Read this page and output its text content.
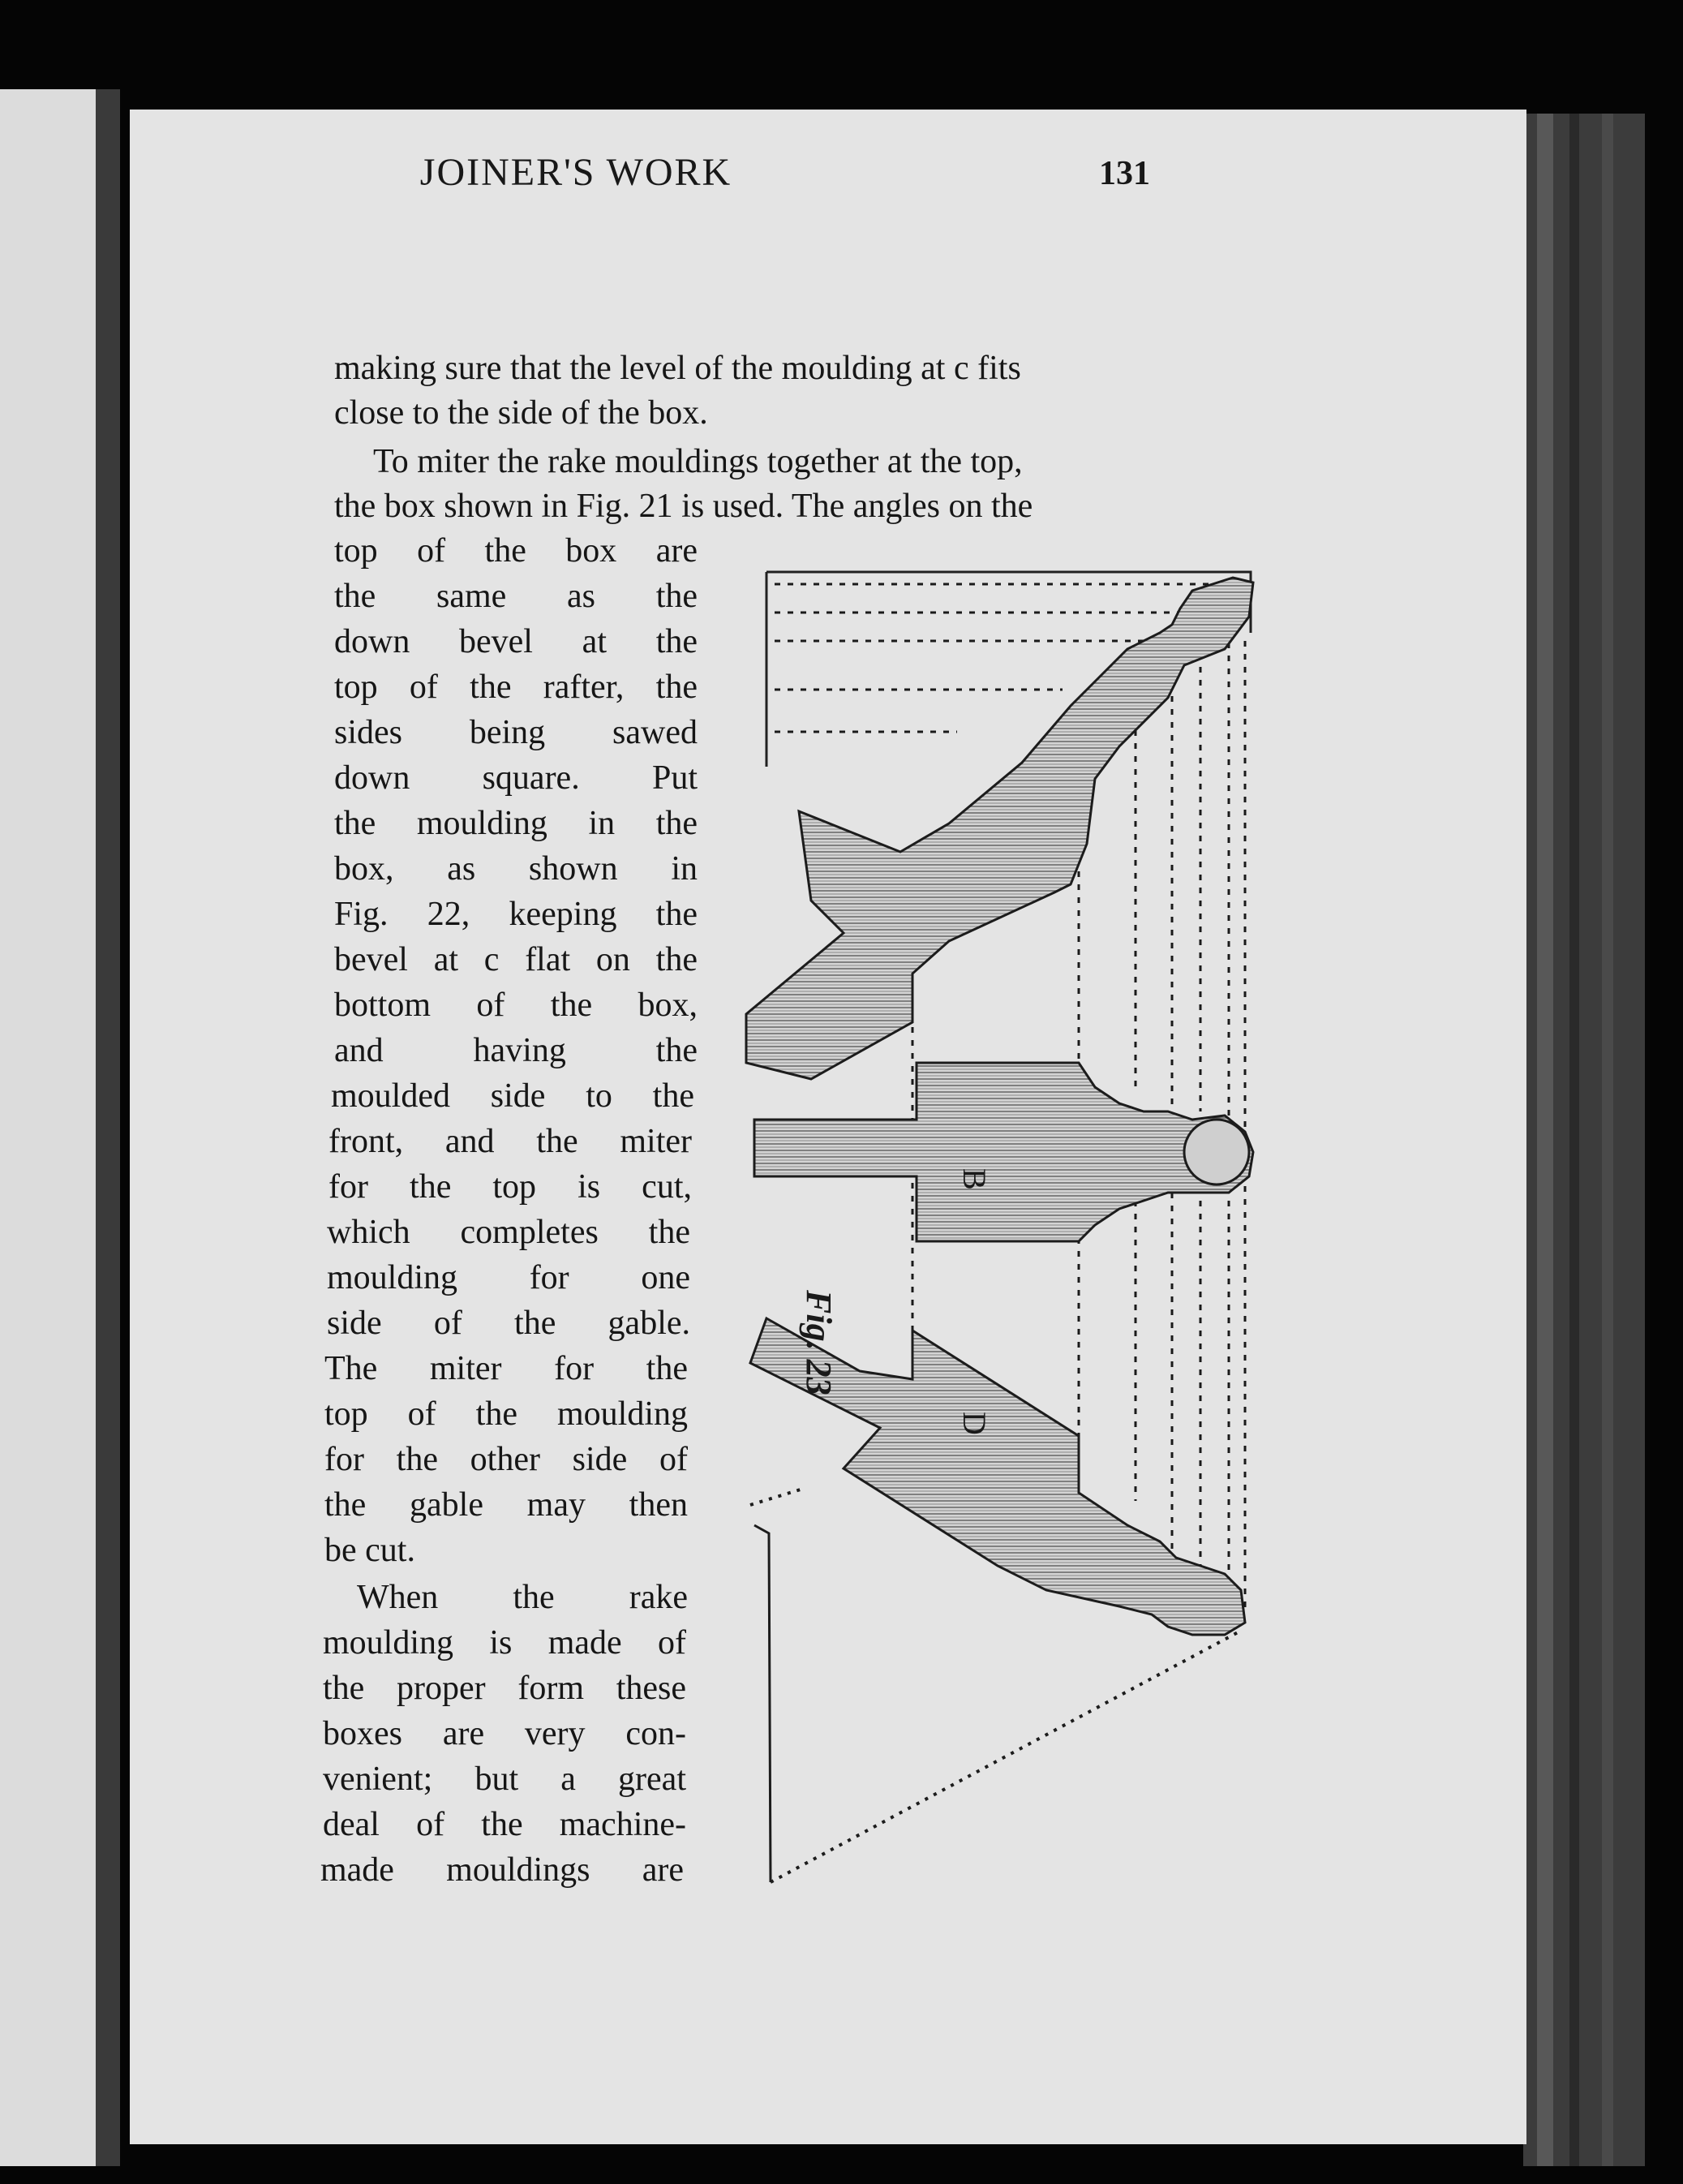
JOINER'S WORK	131
making sure that the level of the moulding at c fits
close to the side of the box.
To miter the rake mouldings together at the top,
the box shown in Fig. 21 is used. The angles on the
top of the box are
the same as the
down bevel at the
top of the rafter, the
sides being sawed
down square. Put
the moulding in the
box, as shown in
Fig. 22, keeping the
bevel at c flat on the
bottom of the box,
and having the
moulded side to the
front, and the miter
for the top is cut,
which completes the
moulding for one
side of the gable.
The miter for the
top of the moulding
for the other side of
the gable may then
be cut.
When the rake
moulding is made of
the proper form these
boxes are very con-
venient; but a great
deal of the machine-
made mouldings are
Fig. 23
B
D
